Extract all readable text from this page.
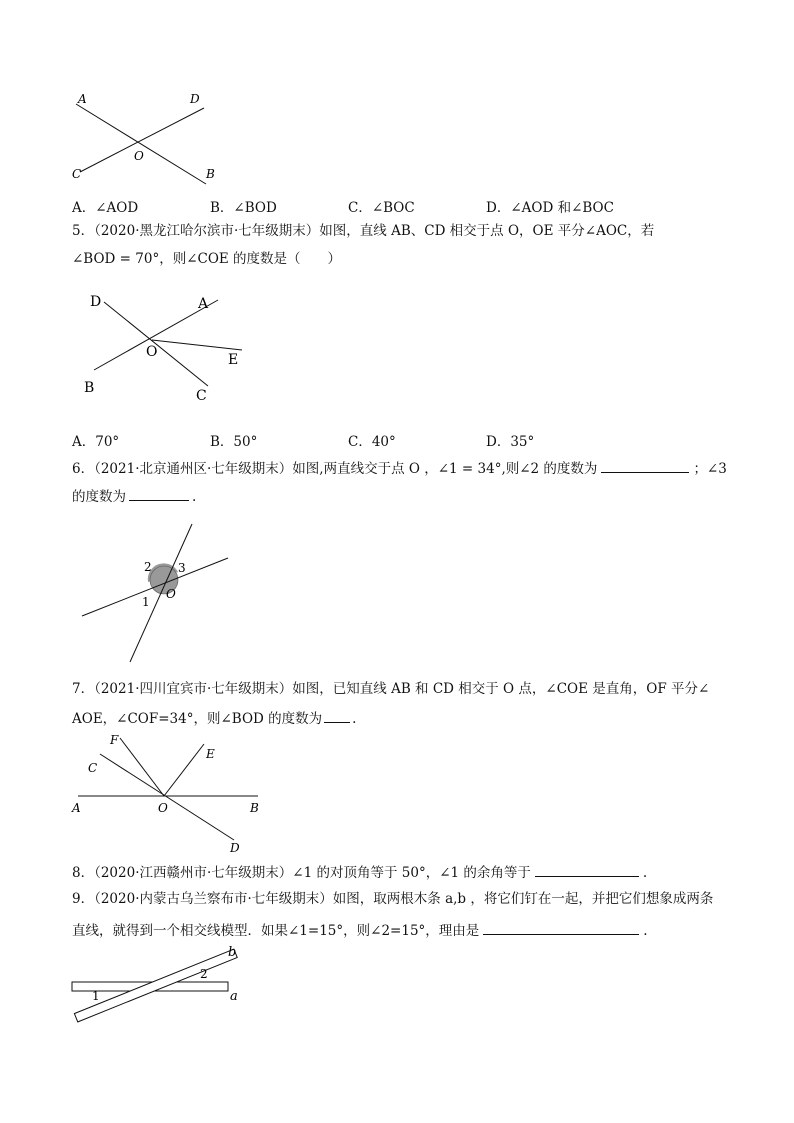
A	D
O
C	B
A．∠AOD	B．∠BOD	C．∠BOC	D．∠AOD 和∠BOC
5．（2020·黑龙江哈尔滨市·七年级期末）如图，直线 AB、CD 相交于点 O，OE 平分∠AOC，若
∠BOD = 70°，则∠COE 的度数是（　　）
D	A
O	E
B	C
A．70°	B．50°	C．40°	D．35°
6．（2021·北京通州区·七年级期末）如图,两直线交于点 O ，∠1 = 34°,则∠2 的度数为	；∠3
的度数为	.
2 3
1
O
7．（2021·四川宜宾市·七年级期末）如图，已知直线 AB 和 CD 相交于 O 点，∠COE 是直角，OF 平分∠
AOE，∠COF=34°，则∠BOD 的度数为 .
F
C
E
A	O	B
D
8．（2020·江西赣州市·七年级期末）∠1 的对顶角等于 50°，∠1 的余角等于	.
9．（2020·内蒙古乌兰察布市·七年级期末）如图，取两根木条 a,b ，将它们钉在一起，并把它们想象成两条
直线，就得到一个相交线模型．如果∠1=15°，则∠2=15°，理由是	.
b
2
1	a
